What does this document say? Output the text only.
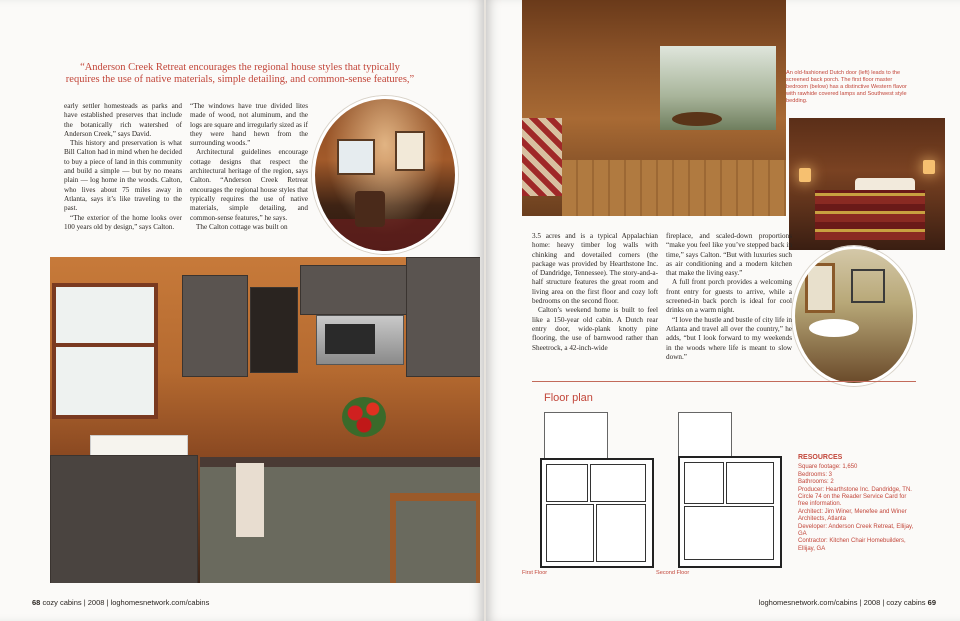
“Anderson Creek Retreat encourages the regional house styles that typically requires the use of native materials, simple detailing, and common-sense features,”

early settler homesteads as parks and have established preserves that include the botanically rich watershed of Anderson Creek,” says David.

This history and preservation is what Bill Calton had in mind when he decided to buy a piece of land in this community and build a simple — but by no means plain — log home in the woods. Calton, who lives about 75 miles away in Atlanta, says it’s like traveling to the past.

“The exterior of the home looks over 100 years old by design,” says Calton.

“The windows have true divided lites made of wood, not aluminum, and the logs are square and irregularly sized as if they were hand hewn from the surrounding woods.”

Architectural guidelines encourage cottage designs that respect the architectural heritage of the region, says Calton. “Anderson Creek Retreat encourages the regional house styles that typically requires the use of native materials, simple detailing, and common-sense features,” he says.

The Calton cottage was built on

68 cozy cabins | 2008 | loghomesnetwork.com/cabins
An old-fashioned Dutch door (left) leads to the screened back porch. The first floor master bedroom (below) has a distinctive Western flavor with rawhide covered lamps and Southwest style bedding.

3.5 acres and is a typical Appalachian home: heavy timber log walls with chinking and dovetailed corners (the package was provided by Hearthstone Inc. of Dandridge, Tennessee). The story-and-a-half structure features the great room and living area on the first floor and cozy loft bedrooms on the second floor.

Calton’s weekend home is built to feel like a 150-year old cabin. A Dutch rear entry door, wide-plank knotty pine flooring, the use of barnwood rather than Sheetrock, a 42-inch-wide

fireplace, and scaled-down proportions “make you feel like you’ve stepped back in time,” says Calton. “But with luxuries such as air conditioning and a modern kitchen that make the living easy.”

A full front porch provides a welcoming front entry for guests to arrive, while a screened-in back porch is ideal for cool drinks on a warm night.

“I love the hustle and bustle of city life in Atlanta and travel all over the country,” he adds, “but I look forward to my weekends in the woods where life is meant to slow down.”

Floor plan
First Floor	Second Floor
RESOURCES
Square footage: 1,650
Bedrooms: 3
Bathrooms: 2
Producer: Hearthstone Inc. Dandridge, TN. Circle 74 on the Reader Service Card for free information.
Architect: Jim Winer, Menefee and Winer Architects, Atlanta
Developer: Anderson Creek Retreat, Ellijay, GA
Contractor: Kitchen Chair Homebuilders, Ellijay, GA
loghomesnetwork.com/cabins | 2008 | cozy cabins 69
